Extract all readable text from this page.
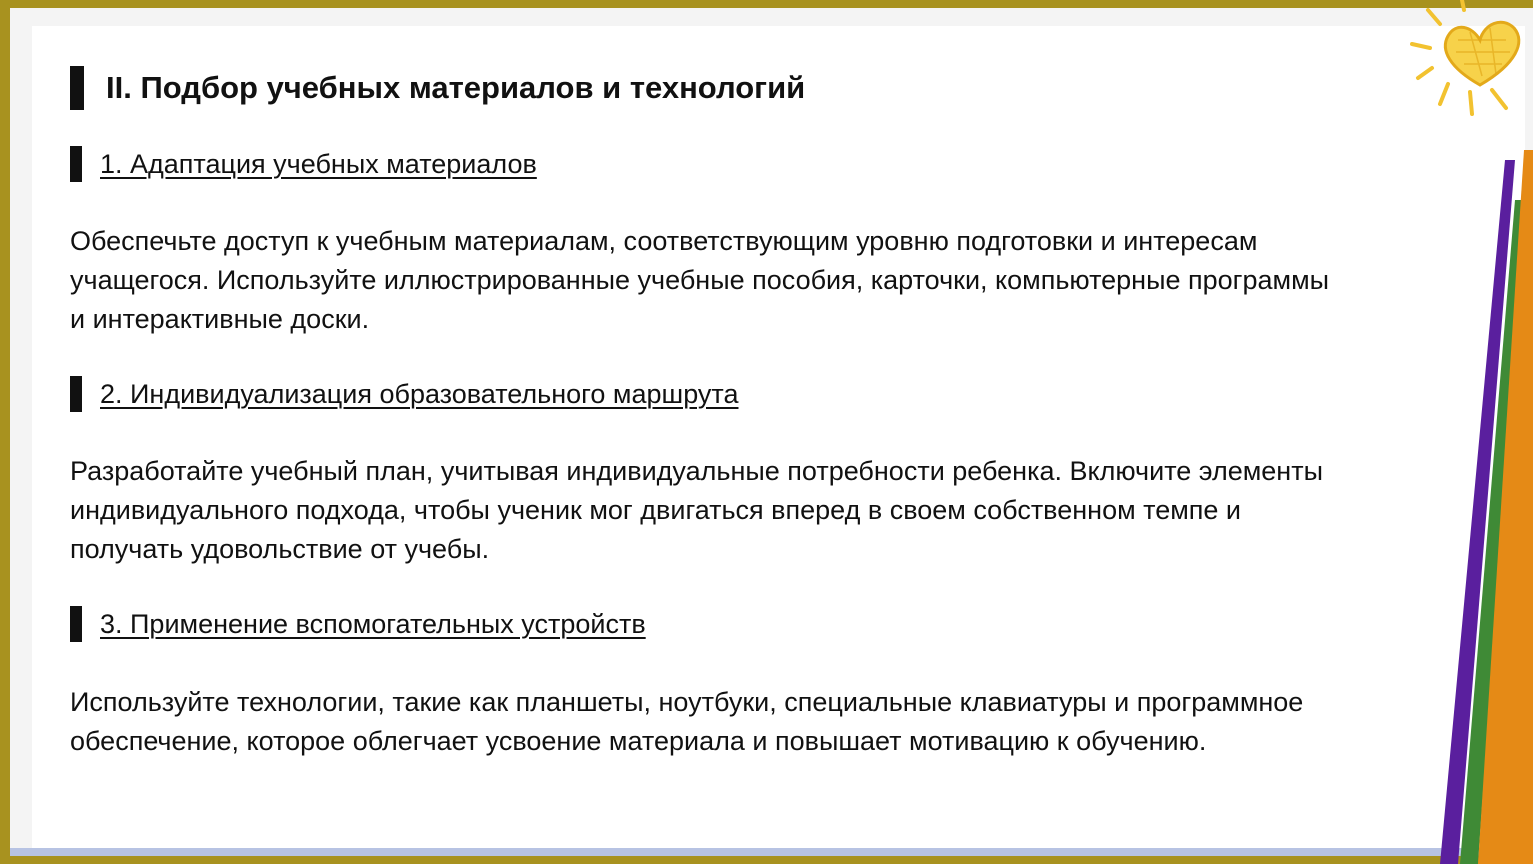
II. Подбор учебных материалов и технологий
1. Адаптация учебных материалов
Обеспечьте доступ к учебным материалам, соответствующим уровню подготовки и интересам учащегося. Используйте иллюстрированные учебные пособия, карточки, компьютерные программы и интерактивные доски.
2. Индивидуализация образовательного маршрута
Разработайте учебный план, учитывая индивидуальные потребности ребенка. Включите элементы индивидуального подхода, чтобы ученик мог двигаться вперед в своем собственном темпе и получать удовольствие от учебы.
3. Применение вспомогательных устройств
Используйте технологии, такие как планшеты, ноутбуки, специальные клавиатуры и программное обеспечение, которое облегчает усвоение материала и повышает мотивацию к обучению.
